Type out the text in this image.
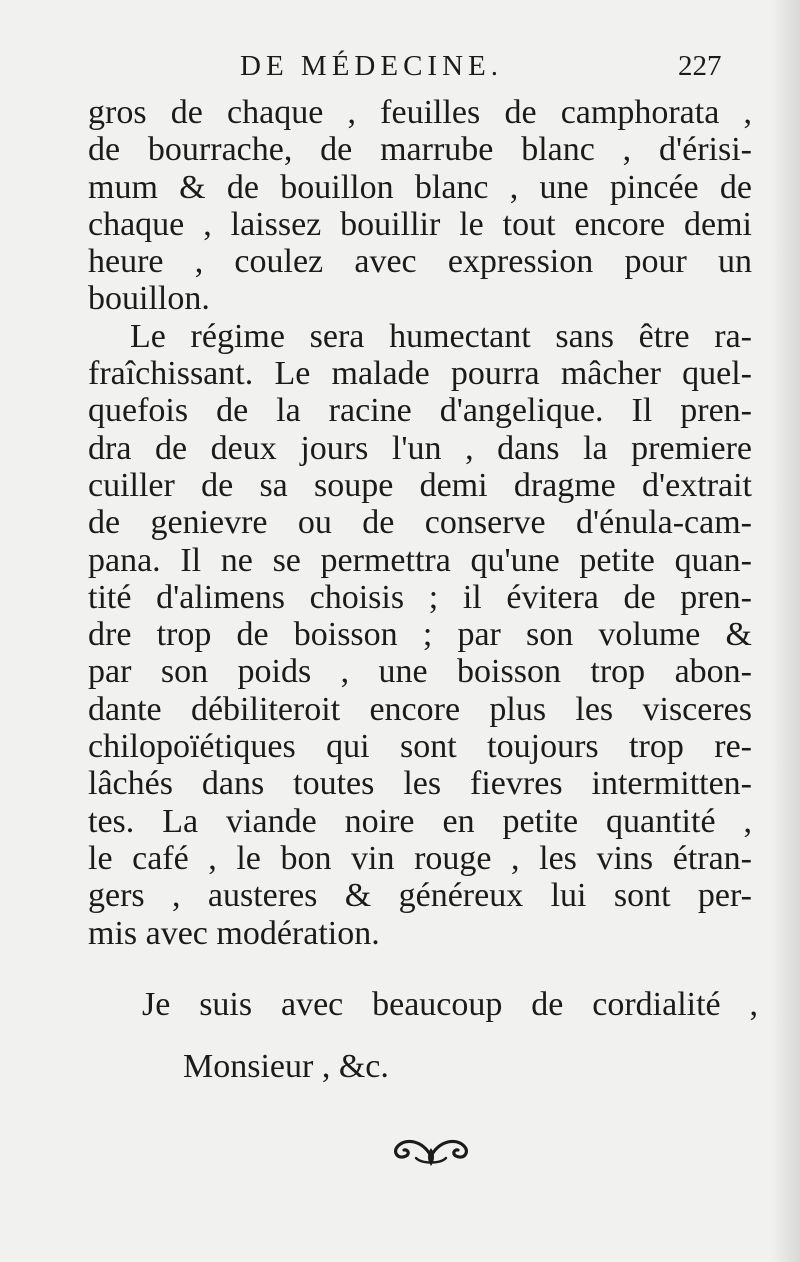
DE MÉDECINE.	227
gros de chaque , feuilles de camphorata ,
de bourrache, de marrube blanc , d'érisi-
mum & de bouillon blanc , une pincée de
chaque , laissez bouillir le tout encore demi
heure , coulez avec expression pour un
bouillon.
Le régime sera humectant sans être ra-
fraîchissant. Le malade pourra mâcher quel-
quefois de la racine d'angelique. Il pren-
dra de deux jours l'un , dans la premiere
cuiller de sa soupe demi dragme d'extrait
de genievre ou de conserve d'énula-cam-
pana. Il ne se permettra qu'une petite quan-
tité d'alimens choisis ; il évitera de pren-
dre trop de boisson ; par son volume &
par son poids , une boisson trop abon-
dante débiliteroit encore plus les visceres
chilopoïétiques qui sont toujours trop re-
lâchés dans toutes les fievres intermitten-
tes. La viande noire en petite quantité ,
le café , le bon vin rouge , les vins étran-
gers , austeres & généreux lui sont per-
mis avec modération.
Je suis avec beaucoup de cordialité ,
Monsieur , &c.
